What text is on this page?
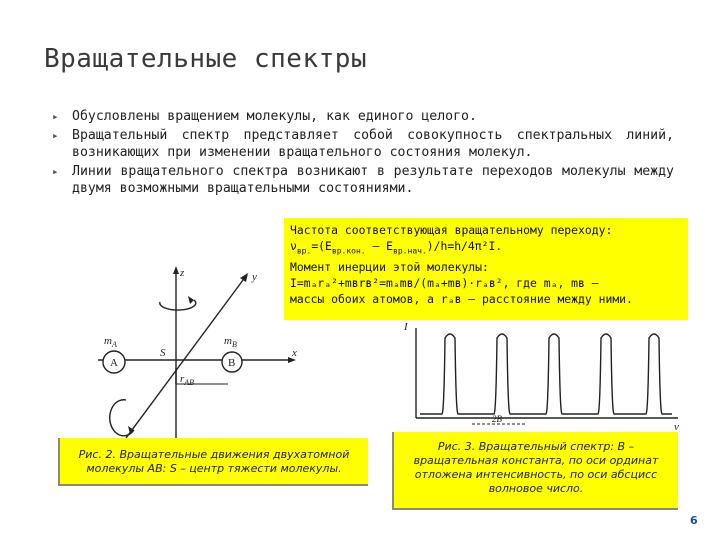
Вращательные спектры
▸ Обусловлены вращением молекулы, как единого целого.
▸ Вращательный спектр представляет собой совокупность спектральных линий, возникающих при изменении вращательного состояния молекул.
▸ Линии вращательного спектра возникают в результате переходов молекулы между двумя возможными вращательными состояниями.

Частота соответствующая вращательному переходу:

$\nu_{вр.}=(E_{вр.кон.} - E_{вр.нач.})/h=h/4\pi^2I$.

Момент инерции этой молекулы:

I=mₐrₐ²+mʙrʙ²=mₐmʙ/(mₐ+mʙ)·rₐʙ², где mₐ, mʙ –

массы обоих атомов, а rₐʙ – расстояние между ними.

z	y
x
S
A	B
$m_A$	$m_B$
$r_{AB}$
I
ν
2B
Рис. 2. Вращательные движения двухатомной молекулы АВ: S – центр тяжести молекулы.
Рис. 3. Вращательный спектр: В – вращательная константа, по оси ординат отложена интенсивность, по оси абсцисс волновое число.
6
